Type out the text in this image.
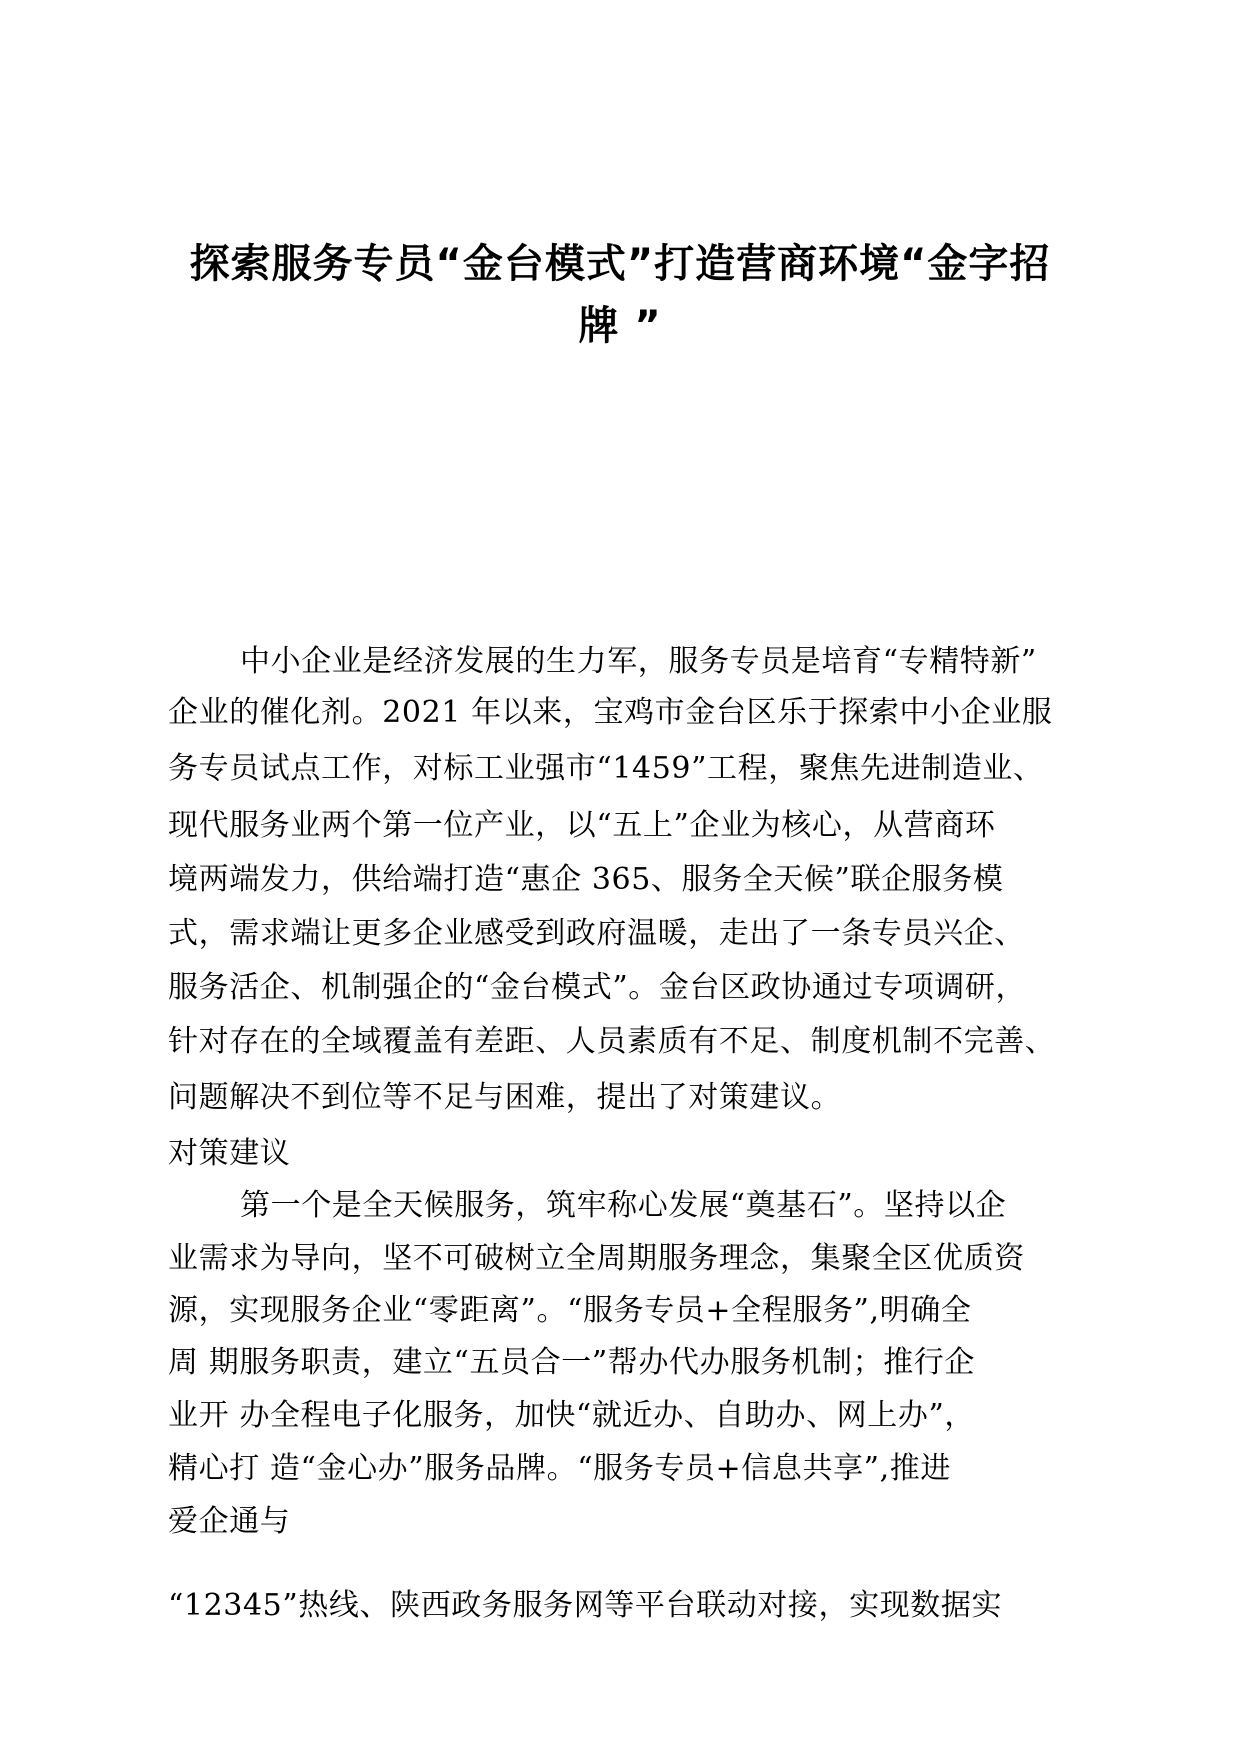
探索服务专员“金台模式”打造营商环境“金字招
牌 ”
中小企业是经济发展的生力军，服务专员是培育“专精特新”
企业的催化剂。2021 年以来，宝鸡市金台区乐于探索中小企业服
务专员试点工作，对标工业强市“1459”工程，聚焦先进制造业、
现代服务业两个第一位产业，以“五上”企业为核心，从营商环
境两端发力，供给端打造“惠企 365、服务全天候”联企服务模
式，需求端让更多企业感受到政府温暖，走出了一条专员兴企、
服务活企、机制强企的“金台模式”。金台区政协通过专项调研，
针对存在的全域覆盖有差距、人员素质有不足、制度机制不完善、
问题解决不到位等不足与困难，提出了对策建议。
对策建议
第一个是全天候服务，筑牢称心发展“奠基石”。坚持以企
业需求为导向，坚不可破树立全周期服务理念，集聚全区优质资
源，实现服务企业“零距离”。“服务专员+全程服务”,明确全
周 期服务职责，建立“五员合一”帮办代办服务机制；推行企
业开 办全程电子化服务，加快“就近办、自助办、网上办”，
精心打 造“金心办”服务品牌。“服务专员+信息共享”,推进
爱企通与
“12345”热线、陕西政务服务网等平台联动对接，实现数据实
